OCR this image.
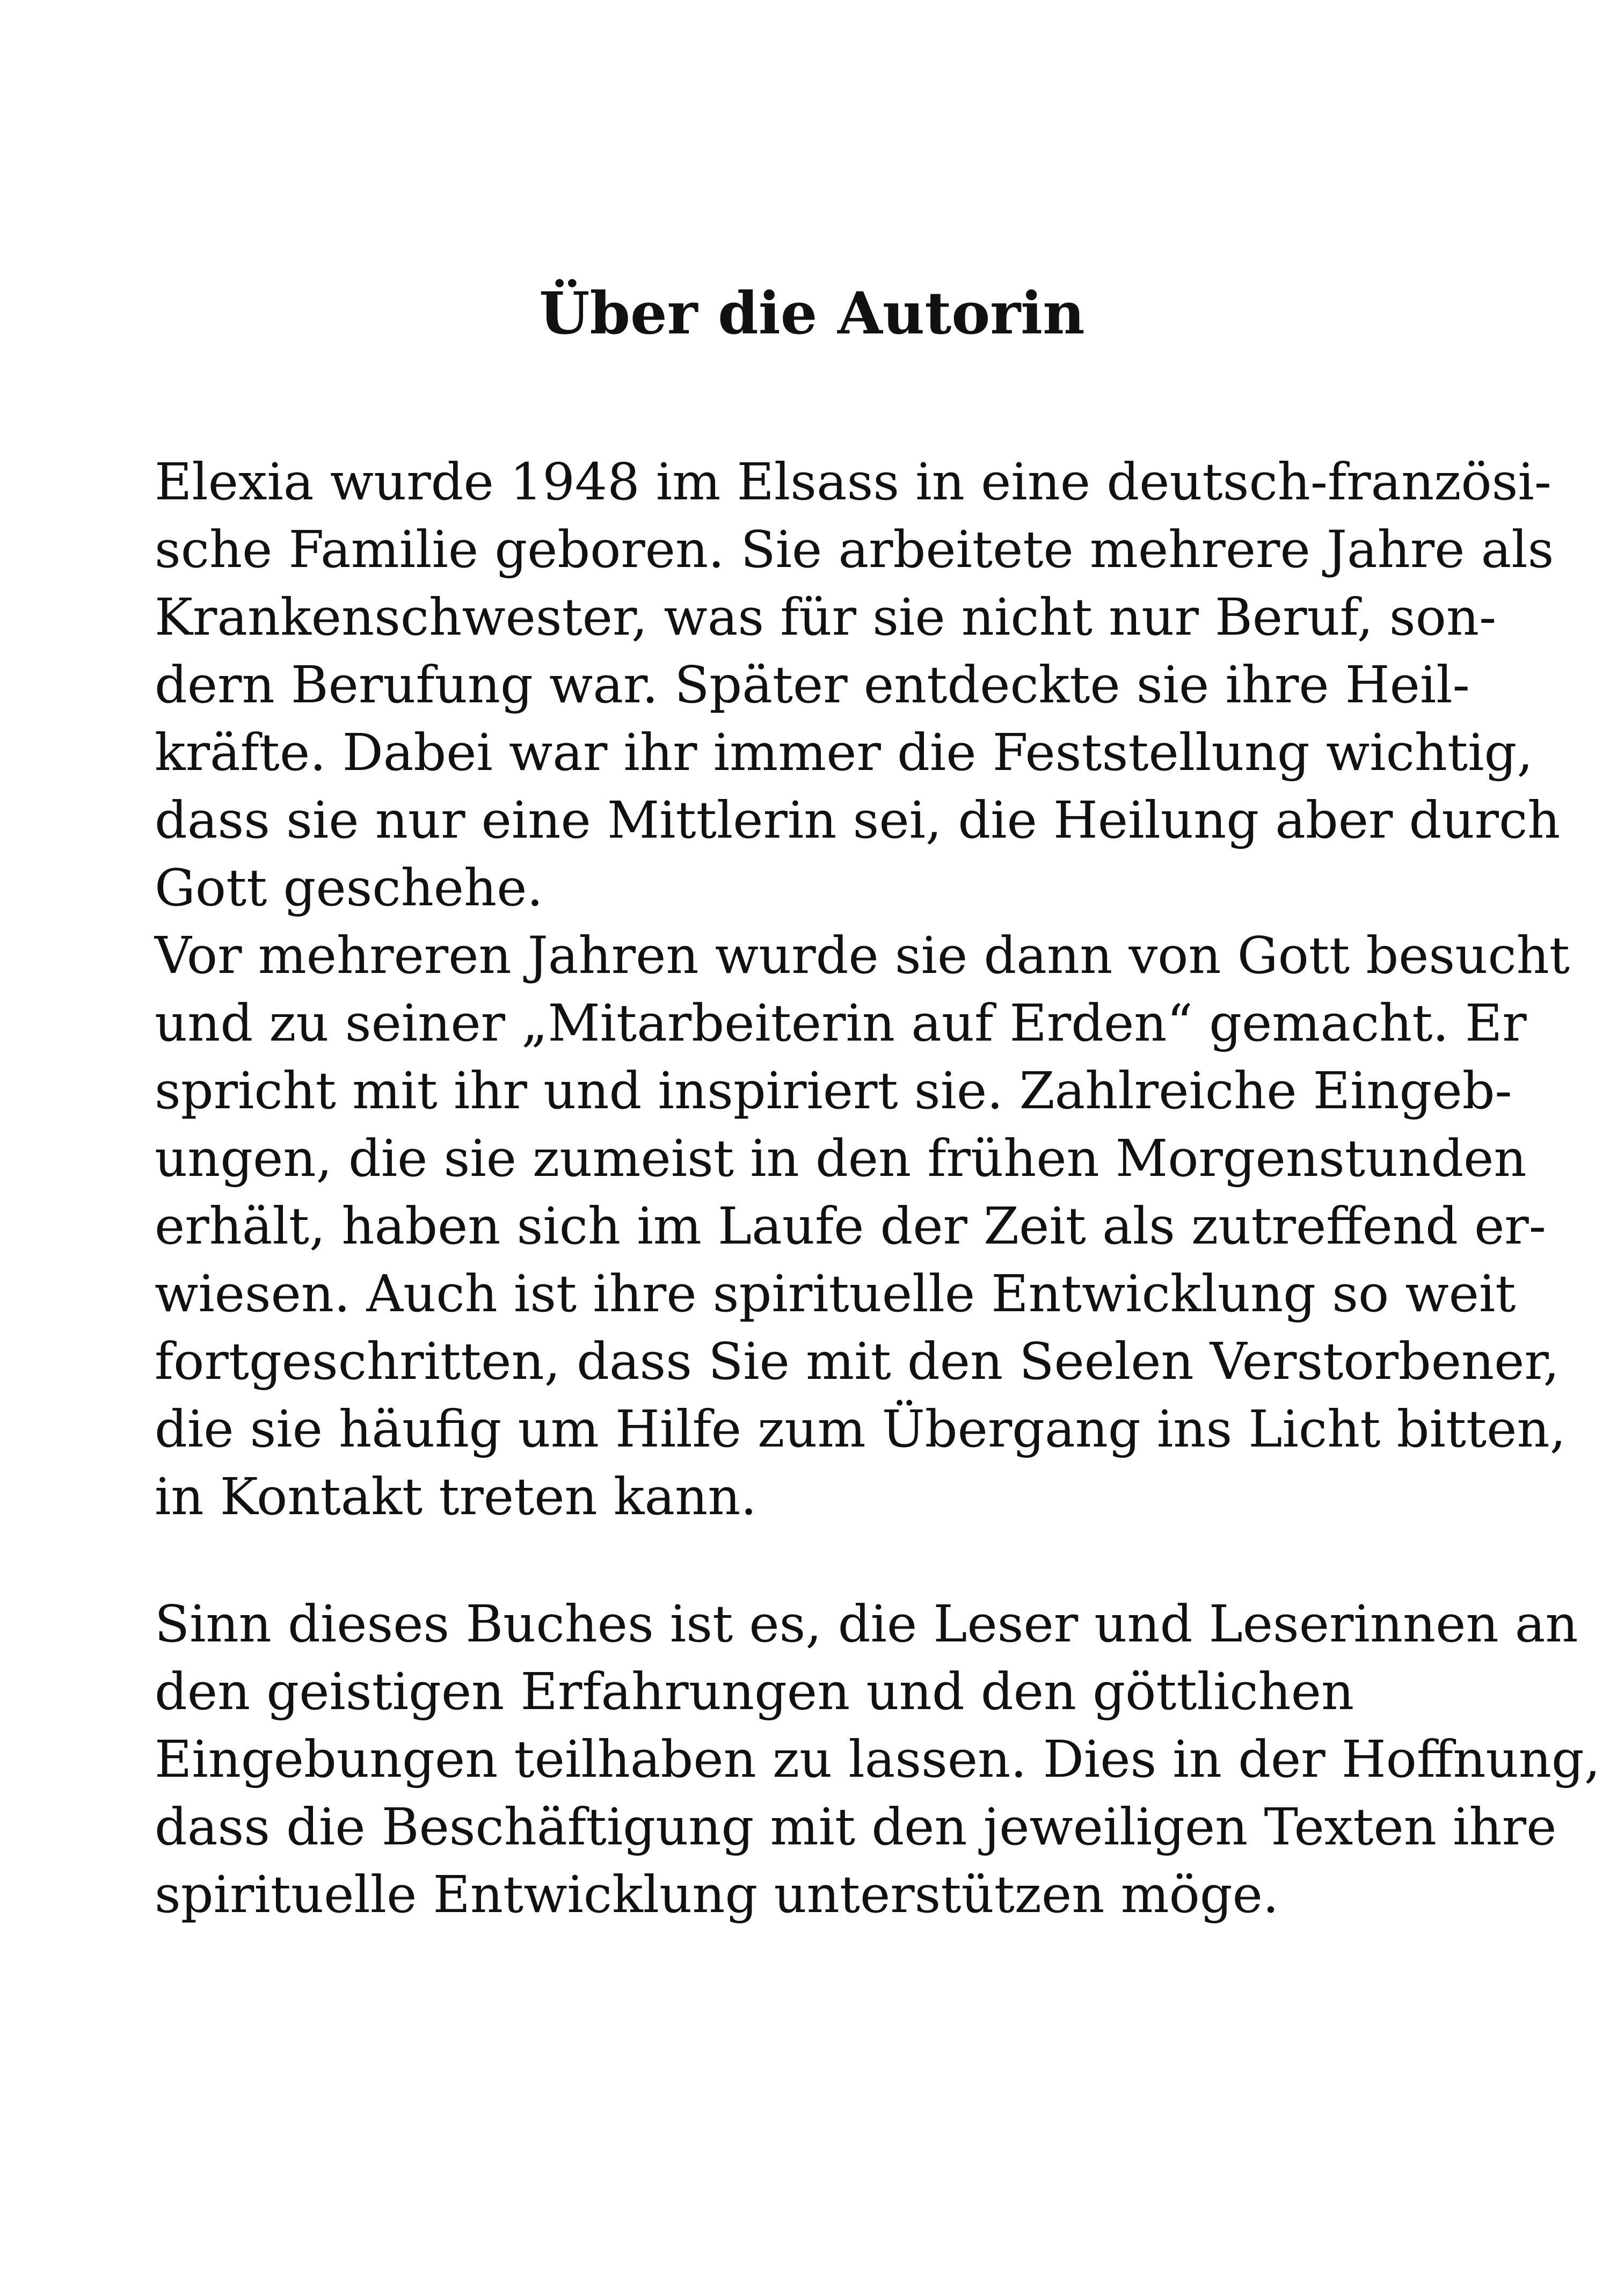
Über die Autorin
Elexia wurde 1948 im Elsass in eine deutsch-französi-
sche Familie geboren. Sie arbeitete mehrere Jahre als
Krankenschwester, was für sie nicht nur Beruf, son-
dern Berufung war. Später entdeckte sie ihre Heil-
kräfte. Dabei war ihr immer die Feststellung wichtig,
dass sie nur eine Mittlerin sei, die Heilung aber durch
Gott geschehe.
Vor mehreren Jahren wurde sie dann von Gott besucht
und zu seiner „Mitarbeiterin auf Erden“ gemacht. Er
spricht mit ihr und inspiriert sie. Zahlreiche Eingeb-
ungen, die sie zumeist in den frühen Morgenstunden
erhält, haben sich im Laufe der Zeit als zutreffend er-
wiesen. Auch ist ihre spirituelle Entwicklung so weit
fortgeschritten, dass Sie mit den Seelen Verstorbener,
die sie häufig um Hilfe zum Übergang ins Licht bitten,
in Kontakt treten kann.
Sinn dieses Buches ist es, die Leser und Leserinnen an
den geistigen Erfahrungen und den göttlichen
Eingebungen teilhaben zu lassen. Dies in der Hoffnung,
dass die Beschäftigung mit den jeweiligen Texten ihre
spirituelle Entwicklung unterstützen möge.
